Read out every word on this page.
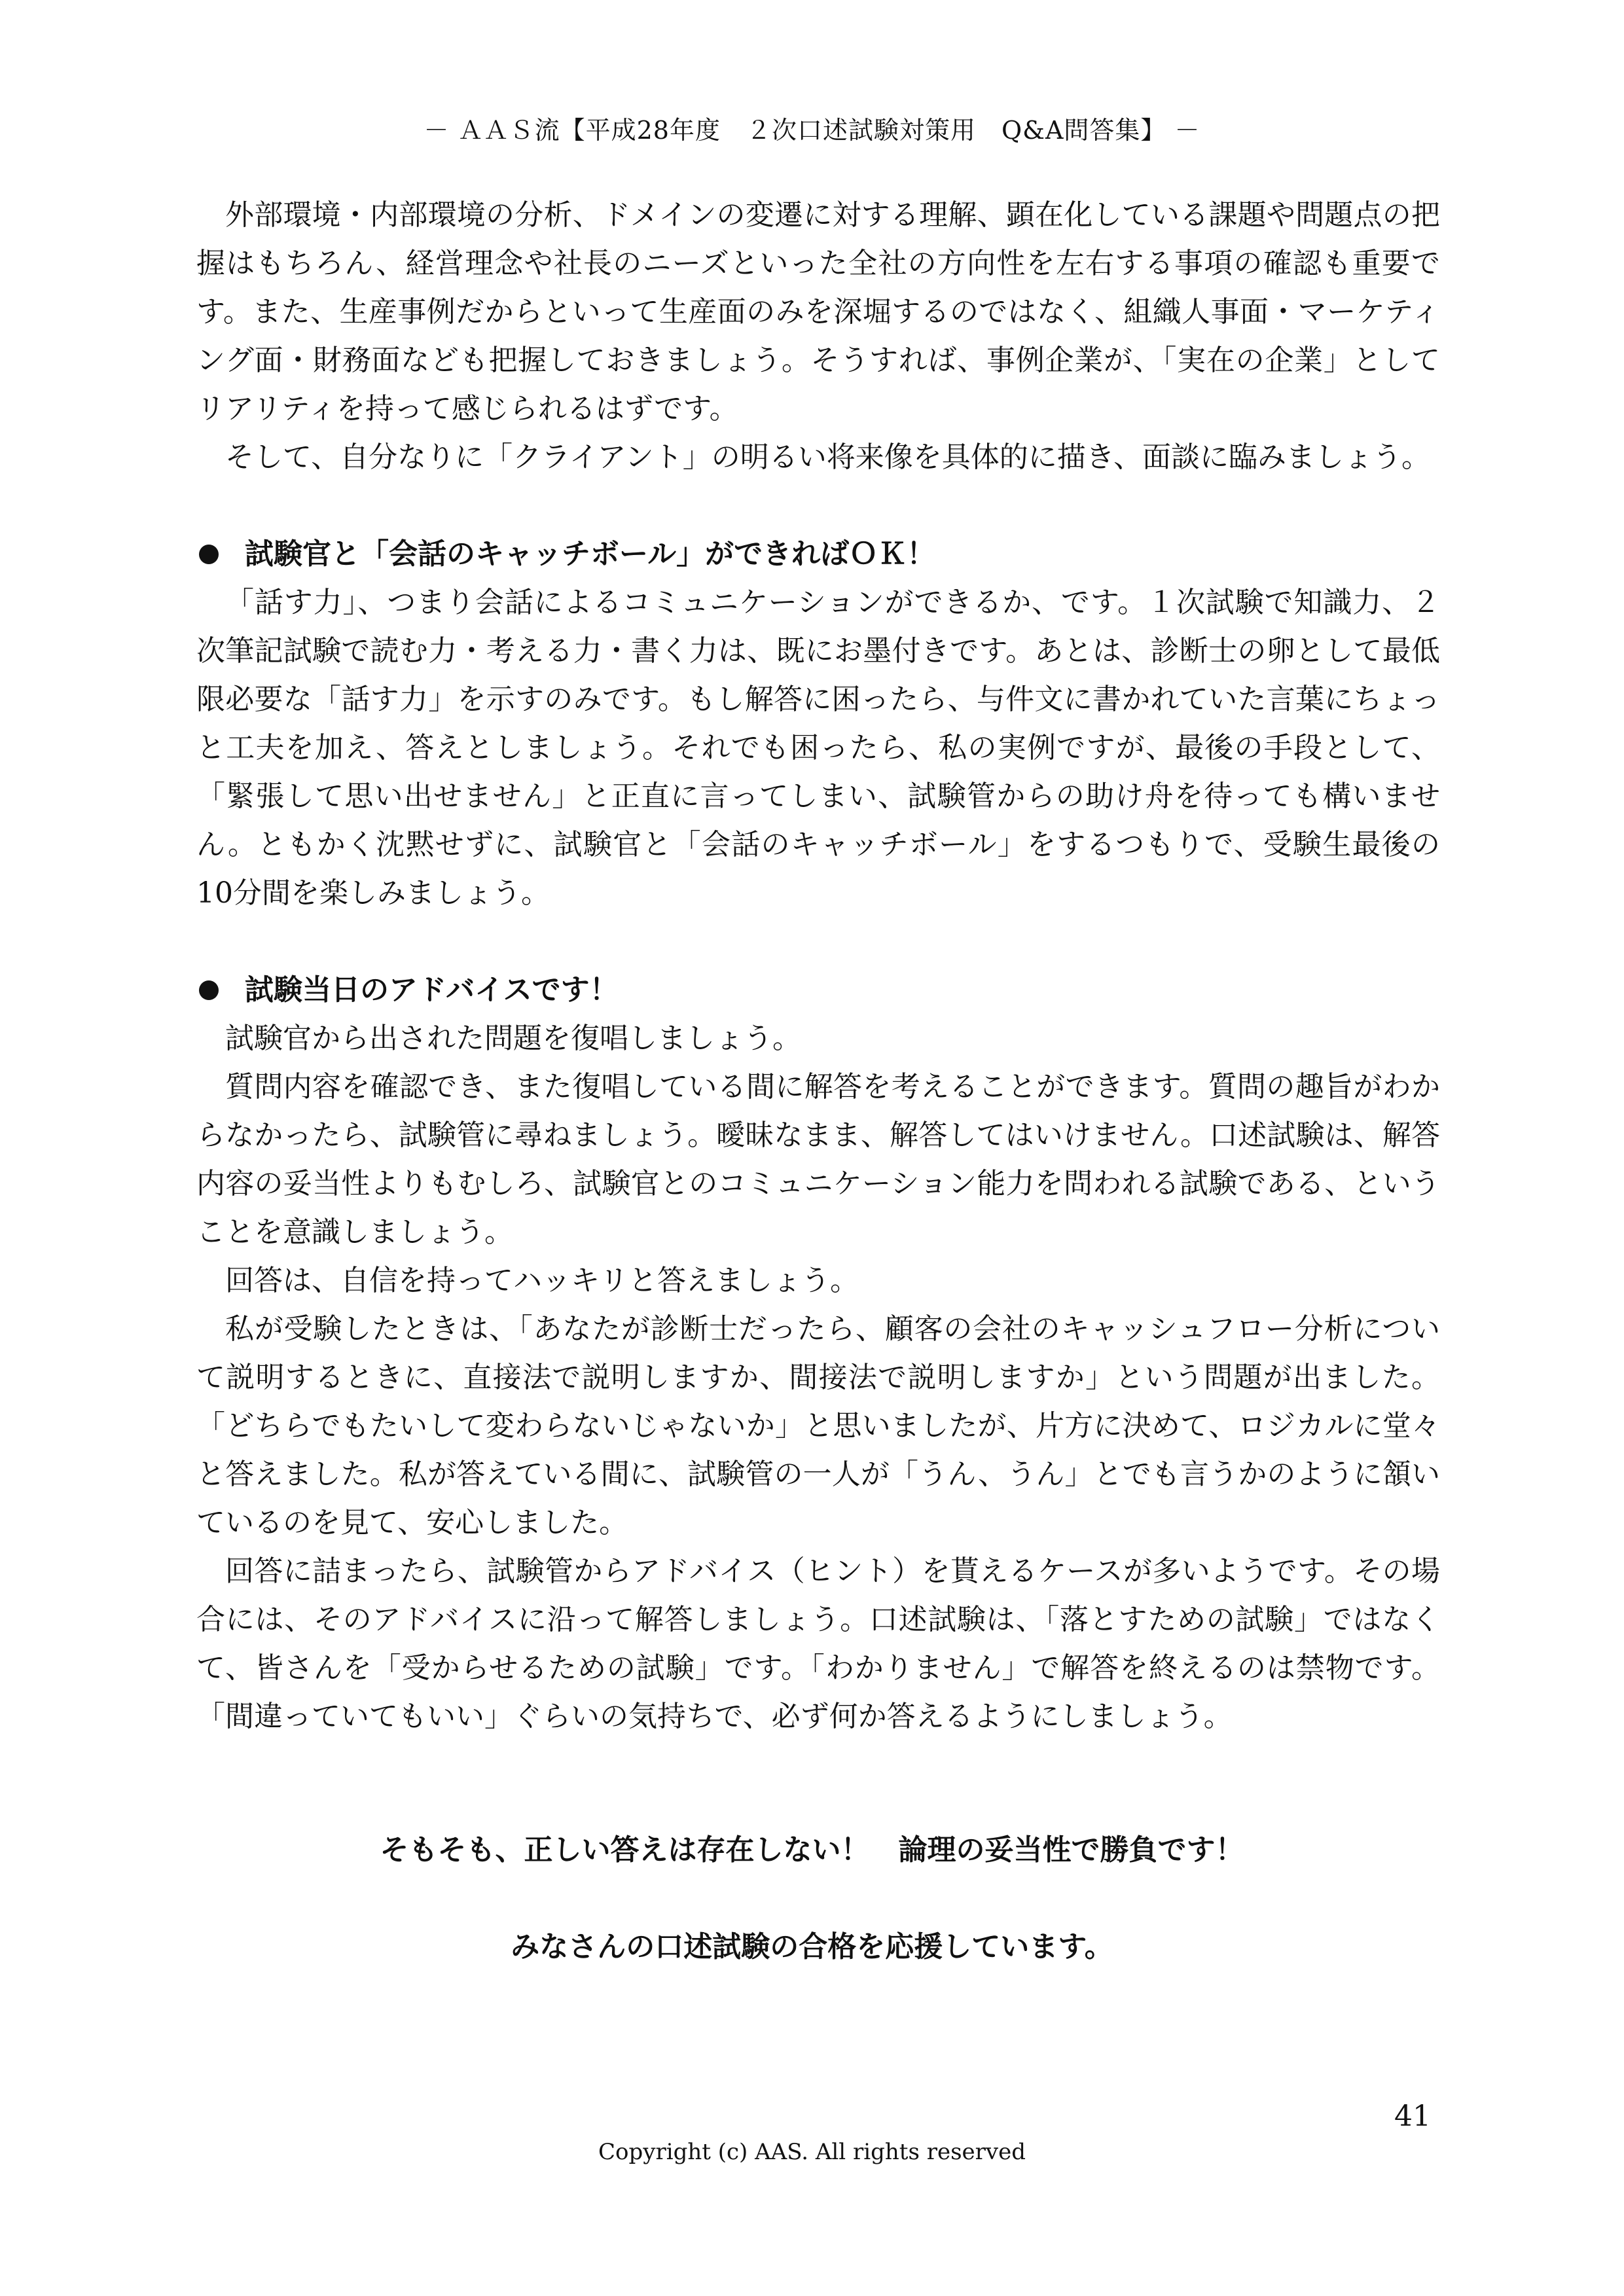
－ ＡＡＳ流【平成28年度　２次口述試験対策用　Q&A問答集】 －

外部環境・内部環境の分析、ドメインの変遷に対する理解、顕在化している課題や問題点の把握はもちろん、経営理念や社長のニーズといった全社の方向性を左右する事項の確認も重要です。また、生産事例だからといって生産面のみを深堀するのではなく、組織人事面・マーケティング面・財務面なども把握しておきましょう。そうすれば、事例企業が、「実在の企業」としてリアリティを持って感じられるはずです。

そして、自分なりに「クライアント」の明るい将来像を具体的に描き、面談に臨みましょう。

試験官と「会話のキャッチボール」ができればＯＫ！

「話す力」、つまり会話によるコミュニケーションができるか、です。１次試験で知識力、２次筆記試験で読む力・考える力・書く力は、既にお墨付きです。あとは、診断士の卵として最低限必要な「話す力」を示すのみです。もし解答に困ったら、与件文に書かれていた言葉にちょっと工夫を加え、答えとしましょう。それでも困ったら、私の実例ですが、最後の手段として、「緊張して思い出せません」と正直に言ってしまい、試験管からの助け舟を待っても構いません。ともかく沈黙せずに、試験官と「会話のキャッチボール」をするつもりで、受験生最後の10分間を楽しみましょう。

試験当日のアドバイスです！

試験官から出された問題を復唱しましょう。

質問内容を確認でき、また復唱している間に解答を考えることができます。質問の趣旨がわからなかったら、試験管に尋ねましょう。曖昧なまま、解答してはいけません。口述試験は、解答内容の妥当性よりもむしろ、試験官とのコミュニケーション能力を問われる試験である、ということを意識しましょう。

回答は、自信を持ってハッキリと答えましょう。

私が受験したときは、「あなたが診断士だったら、顧客の会社のキャッシュフロー分析について説明するときに、直接法で説明しますか、間接法で説明しますか」という問題が出ました。「どちらでもたいして変わらないじゃないか」と思いましたが、片方に決めて、ロジカルに堂々と答えました。私が答えている間に、試験管の一人が「うん、うん」とでも言うかのように頷いているのを見て、安心しました。

回答に詰まったら、試験管からアドバイス（ヒント）を貰えるケースが多いようです。その場合には、そのアドバイスに沿って解答しましょう。口述試験は、「落とすための試験」ではなくて、皆さんを「受からせるための試験」です。「わかりません」で解答を終えるのは禁物です。「間違っていてもいい」ぐらいの気持ちで、必ず何か答えるようにしましょう。

そもそも、正しい答えは存在しない！　論理の妥当性で勝負です！

みなさんの口述試験の合格を応援しています。

41
Copyright (c) AAS. All rights reserved
